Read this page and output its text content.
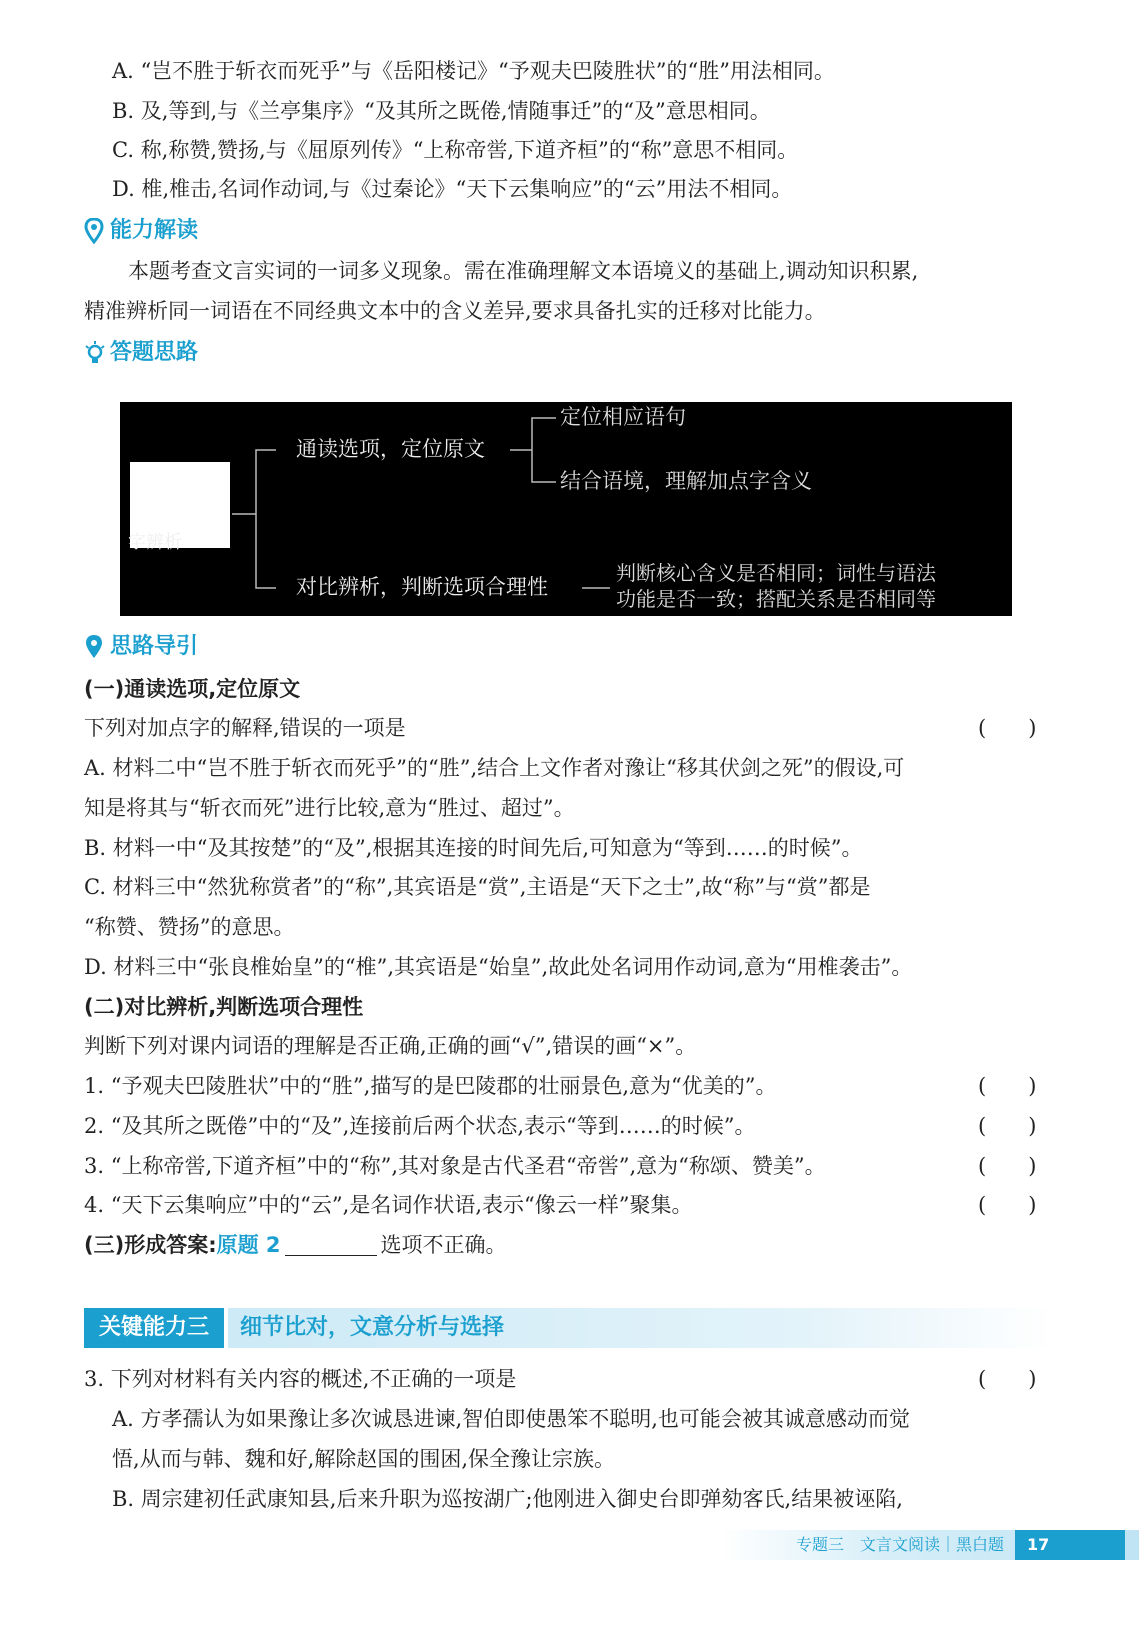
A. “岂不胜于斩衣而死乎”与《岳阳楼记》“予观夫巴陵胜状”的“胜”用法相同。
B. 及,等到,与《兰亭集序》“及其所之既倦,情随事迁”的“及”意思相同。
C. 称,称赞,赞扬,与《屈原列传》“上称帝喾,下道齐桓”的“称”意思不相同。
D. 椎,椎击,名词作动词,与《过秦论》“天下云集响应”的“云”用法不相同。
能力解读
本题考查文言实词的一词多义现象。需在准确理解文本语境义的基础上,调动知识积累,
精准辨析同一词语在不同经典文本中的含义差异,要求具备扎实的迁移对比能力。
答题思路
字辨析
通读选项，定位原文
定位相应语句
结合语境，理解加点字含义
对比辨析，判断选项合理性
判断核心含义是否相同；词性与语法
功能是否一致；搭配关系是否相同等
思路导引
(一)通读选项,定位原文
下列对加点字的解释,错误的一项是	(　　)
A. 材料二中“岂不胜于斩衣而死乎”的“胜”,结合上文作者对豫让“移其伏剑之死”的假设,可
知是将其与“斩衣而死”进行比较,意为“胜过、超过”。
B. 材料一中“及其按楚”的“及”,根据其连接的时间先后,可知意为“等到……的时候”。
C. 材料三中“然犹称赏者”的“称”,其宾语是“赏”,主语是“天下之士”,故“称”与“赏”都是
“称赞、赞扬”的意思。
D. 材料三中“张良椎始皇”的“椎”,其宾语是“始皇”,故此处名词用作动词,意为“用椎袭击”。
(二)对比辨析,判断选项合理性
判断下列对课内词语的理解是否正确,正确的画“√”,错误的画“×”。
1. “予观夫巴陵胜状”中的“胜”,描写的是巴陵郡的壮丽景色,意为“优美的”。	(　　)
2. “及其所之既倦”中的“及”,连接前后两个状态,表示“等到……的时候”。	(　　)
3. “上称帝喾,下道齐桓”中的“称”,其对象是古代圣君“帝喾”,意为“称颂、赞美”。	(　　)
4. “天下云集响应”中的“云”,是名词作状语,表示“像云一样”聚集。	(　　)
(三)形成答案:原题 2	选项不正确。
关键能力三	细节比对，文意分析与选择
3. 下列对材料有关内容的概述,不正确的一项是	(　　)
A. 方孝孺认为如果豫让多次诚恳进谏,智伯即使愚笨不聪明,也可能会被其诚意感动而觉
悟,从而与韩、魏和好,解除赵国的围困,保全豫让宗族。
B. 周宗建初任武康知县,后来升职为巡按湖广;他刚进入御史台即弹劾客氏,结果被诬陷,
专题三　文言文阅读｜黑白题	17
